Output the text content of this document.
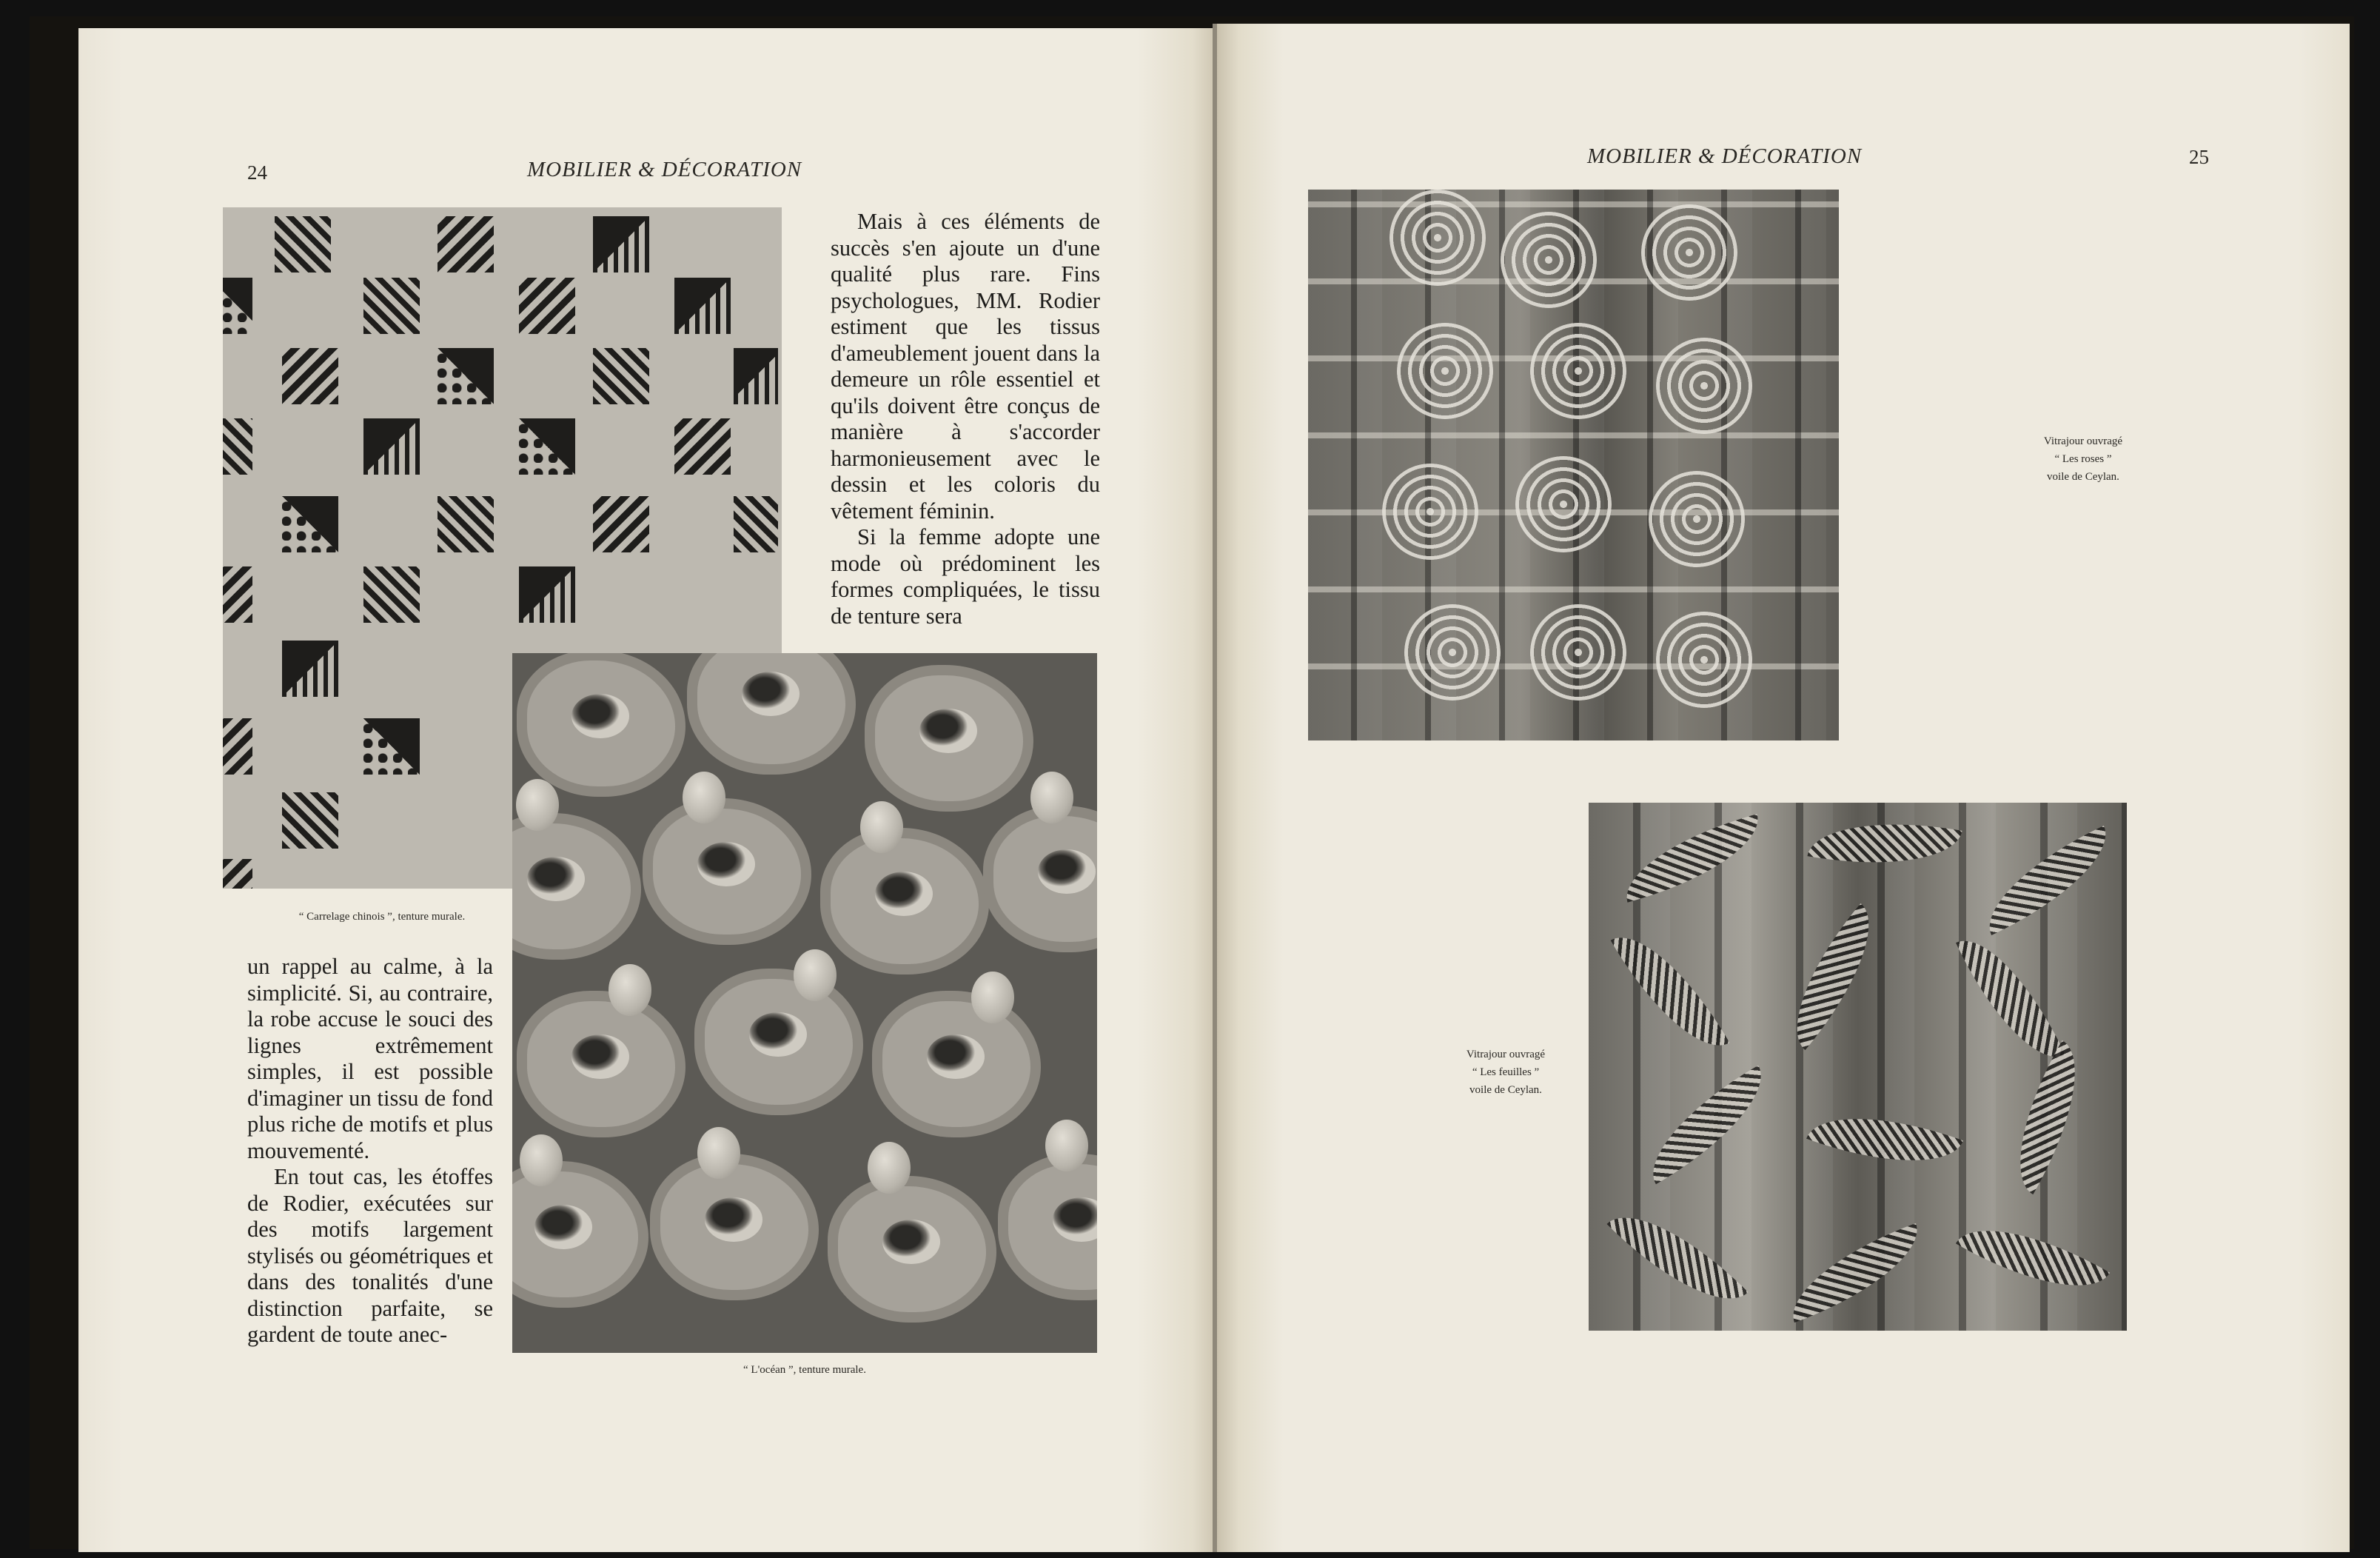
24	MOBILIER & DÉCORATION
“ Carrelage chinois ”, tenture murale.

Mais à ces éléments de succès s'en ajoute un d'une qualité plus rare. Fins psychologues, MM. Rodier estiment que les tissus d'ameublement jouent dans la demeure un rôle essentiel et qu'ils doivent être conçus de manière à s'accorder harmonieusement avec le dessin et les coloris du vêtement féminin.

Si la femme adopte une mode où prédominent les formes compliquées, le tissu de tenture sera

“ L'océan ”, tenture murale.

un rappel au calme, à la simplicité. Si, au contraire, la robe accuse le souci des lignes extrêmement simples, il est possible d'imaginer un tissu de fond plus riche de motifs et plus mouvementé.

En tout cas, les étoffes de Rodier, exécutées sur des motifs largement stylisés ou géométriques et dans des tonalités d'une distinction parfaite, se gardent de toute anec-

MOBILIER & DÉCORATION	25
Vitrajour ouvragé
“ Les roses ”
voile de Ceylan.
Vitrajour ouvragé
“ Les feuilles ”
voile de Ceylan.
